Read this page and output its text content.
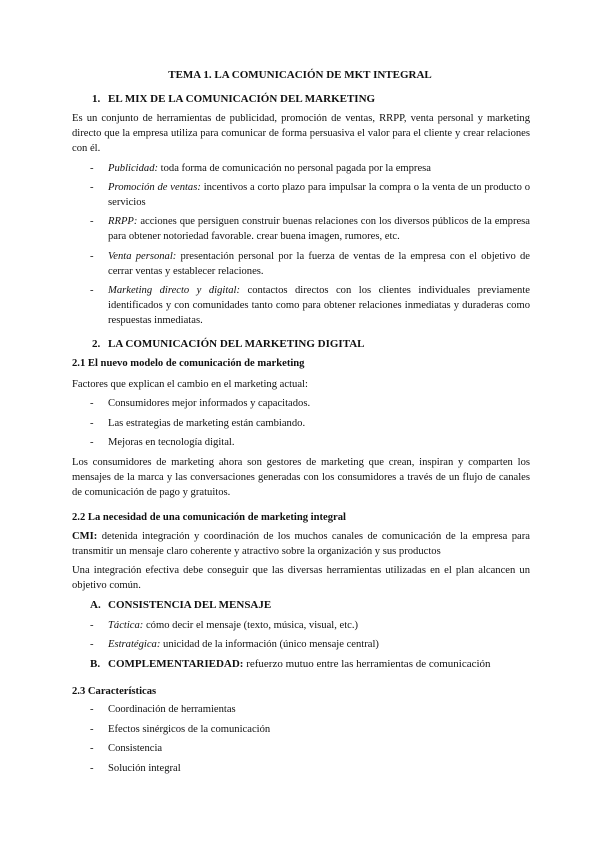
TEMA 1. LA COMUNICACIÓN DE MKT INTEGRAL
1. EL MIX DE LA COMUNICACIÓN DEL MARKETING
Es un conjunto de herramientas de publicidad, promoción de ventas, RRPP, venta personal y marketing directo que la empresa utiliza para comunicar de forma persuasiva el valor para el cliente y crear relaciones con él.
- Publicidad: toda forma de comunicación no personal pagada por la empresa
- Promoción de ventas: incentivos a corto plazo para impulsar la compra o la venta de un producto o servicios
- RRPP: acciones que persiguen construir buenas relaciones con los diversos públicos de la empresa para obtener notoriedad favorable. crear buena imagen, rumores, etc.
- Venta personal: presentación personal por la fuerza de ventas de la empresa con el objetivo de cerrar ventas y establecer relaciones.
- Marketing directo y digital: contactos directos con los clientes individuales previamente identificados y con comunidades tanto como para obtener relaciones inmediatas y duraderas como respuestas inmediatas.
2. LA COMUNICACIÓN DEL MARKETING DIGITAL
2.1 El nuevo modelo de comunicación de marketing
Factores que explican el cambio en el marketing actual:
- Consumidores mejor informados y capacitados.
- Las estrategias de marketing están cambiando.
- Mejoras en tecnología digital.
Los consumidores de marketing ahora son gestores de marketing que crean, inspiran y comparten los mensajes de la marca y las conversaciones generadas con los consumidores a través de un flujo de canales de comunicación de pago y gratuitos.
2.2 La necesidad de una comunicación de marketing integral
CMI: detenida integración y coordinación de los muchos canales de comunicación de la empresa para transmitir un mensaje claro coherente y atractivo sobre la organización y sus productos
Una integración efectiva debe conseguir que las diversas herramientas utilizadas en el plan alcancen un objetivo común.
A. CONSISTENCIA DEL MENSAJE
- Táctica: cómo decir el mensaje (texto, música, visual, etc.)
- Estratégica: unicidad de la información (único mensaje central)
B. COMPLEMENTARIEDAD: refuerzo mutuo entre las herramientas de comunicación
2.3 Características
- Coordinación de herramientas
- Efectos sinérgicos de la comunicación
- Consistencia
- Solución integral
